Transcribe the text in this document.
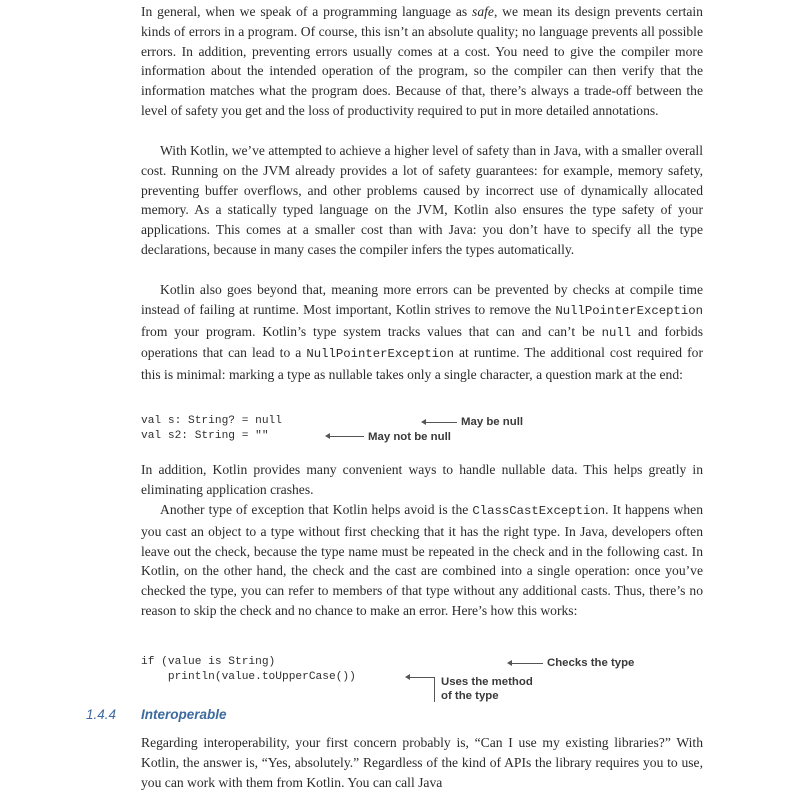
In general, when we speak of a programming language as safe, we mean its design prevents certain kinds of errors in a program. Of course, this isn’t an absolute quality; no language prevents all possible errors. In addition, preventing errors usually comes at a cost. You need to give the compiler more information about the intended operation of the program, so the compiler can then verify that the information matches what the program does. Because of that, there’s always a trade-off between the level of safety you get and the loss of productivity required to put in more detailed annotations.

With Kotlin, we’ve attempted to achieve a higher level of safety than in Java, with a smaller overall cost. Running on the JVM already provides a lot of safety guarantees: for example, memory safety, preventing buffer overflows, and other problems caused by incorrect use of dynamically allocated memory. As a statically typed language on the JVM, Kotlin also ensures the type safety of your applications. This comes at a smaller cost than with Java: you don’t have to specify all the type declarations, because in many cases the compiler infers the types automatically.

Kotlin also goes beyond that, meaning more errors can be prevented by checks at compile time instead of failing at runtime. Most important, Kotlin strives to remove the NullPointerException from your program. Kotlin’s type system tracks values that can and can’t be null and forbids operations that can lead to a NullPointerException at runtime. The additional cost required for this is minimal: marking a type as nullable takes only a single character, a question mark at the end:

val s: String? = null
val s2: String = ""
May be null
May not be null

In addition, Kotlin provides many convenient ways to handle nullable data. This helps greatly in eliminating application crashes.

Another type of exception that Kotlin helps avoid is the ClassCastException. It happens when you cast an object to a type without first checking that it has the right type. In Java, developers often leave out the check, because the type name must be repeated in the check and in the following cast. In Kotlin, on the other hand, the check and the cast are combined into a single operation: once you’ve checked the type, you can refer to members of that type without any additional casts. Thus, there’s no reason to skip the check and no chance to make an error. Here’s how this works:

if (value is String)
println(value.toUpperCase())
Checks the type
Uses the method
of the type
1.4.4 Interoperable

Regarding interoperability, your first concern probably is, “Can I use my existing libraries?” With Kotlin, the answer is, “Yes, absolutely.” Regardless of the kind of APIs the library requires you to use, you can work with them from Kotlin. You can call Java
